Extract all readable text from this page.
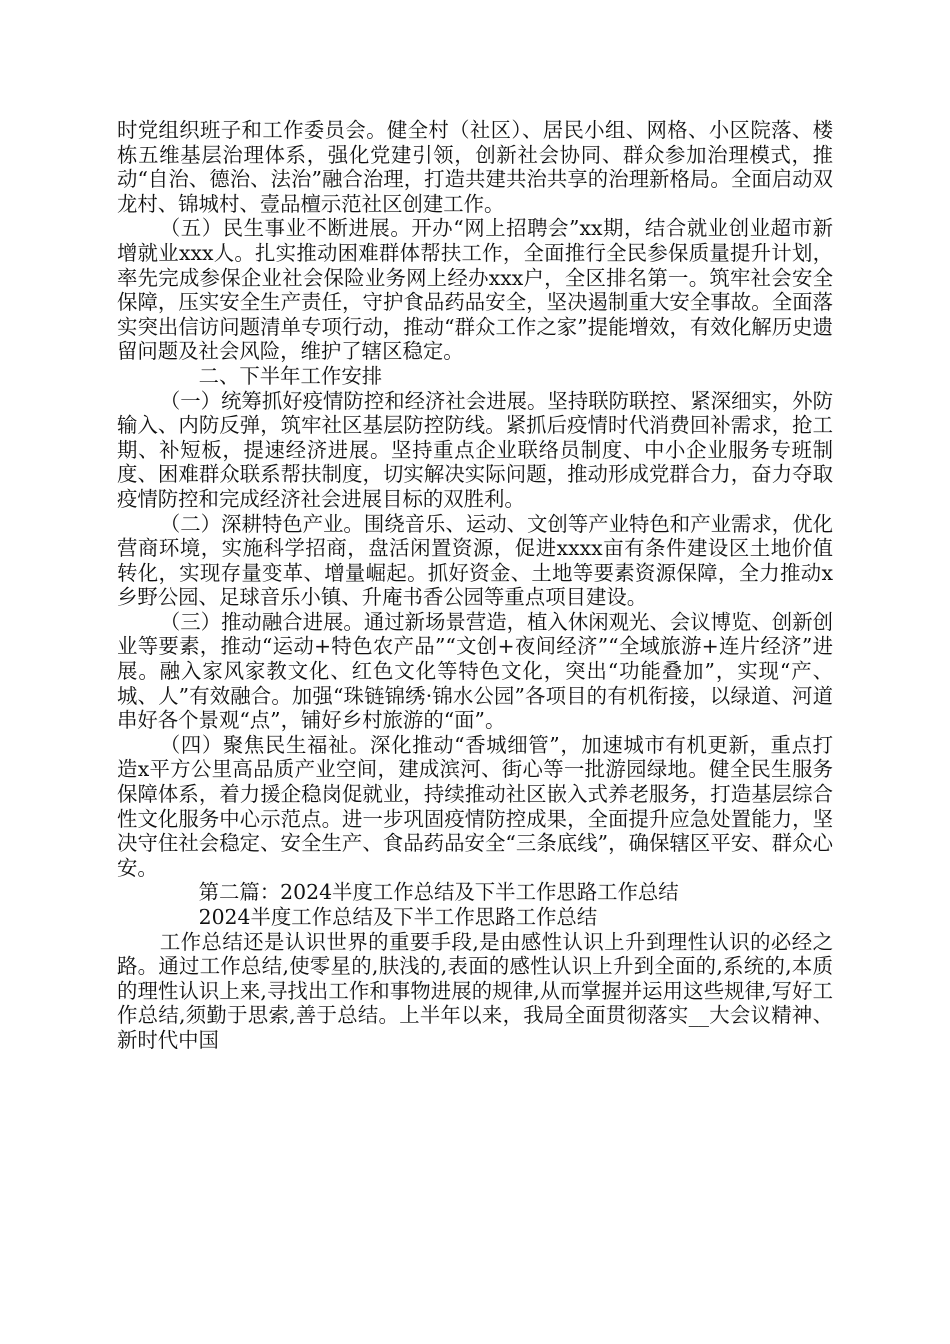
时党组织班子和工作委员会。健全村（社区）、居民小组、网格、小区院落、楼栋五维基层治理体系，强化党建引领，创新社会协同、群众参加治理模式，推动“自治、德治、法治”融合治理，打造共建共治共享的治理新格局。全面启动双龙村、锦城村、壹品檀示范社区创建工作。

（五）民生事业不断进展。开办“网上招聘会”xx期，结合就业创业超市新增就业xxx人。扎实推动困难群体帮扶工作，全面推行全民参保质量提升计划，率先完成参保企业社会保险业务网上经办xxx户，全区排名第一。筑牢社会安全保障，压实安全生产责任，守护食品药品安全，坚决遏制重大安全事故。全面落实突出信访问题清单专项行动，推动“群众工作之家”提能增效，有效化解历史遗留问题及社会风险，维护了辖区稳定。

二、下半年工作安排

（一）统筹抓好疫情防控和经济社会进展。坚持联防联控、紧深细实，外防输入、内防反弹，筑牢社区基层防控防线。紧抓后疫情时代消费回补需求，抢工期、补短板，提速经济进展。坚持重点企业联络员制度、中小企业服务专班制度、困难群众联系帮扶制度，切实解决实际问题，推动形成党群合力，奋力夺取疫情防控和完成经济社会进展目标的双胜利。

（二）深耕特色产业。围绕音乐、运动、文创等产业特色和产业需求，优化营商环境，实施科学招商，盘活闲置资源，促进xxxx亩有条件建设区土地价值转化，实现存量变革、增量崛起。抓好资金、土地等要素资源保障，全力推动x乡野公园、足球音乐小镇、升庵书香公园等重点项目建设。

（三）推动融合进展。通过新场景营造，植入休闲观光、会议博览、创新创业等要素，推动“运动+特色农产品”“文创+夜间经济”“全域旅游+连片经济”进展。融入家风家教文化、红色文化等特色文化，突出“功能叠加”，实现“产、城、人”有效融合。加强“珠链锦绣·锦水公园”各项目的有机衔接，以绿道、河道串好各个景观“点”，铺好乡村旅游的“面”。

（四）聚焦民生福祉。深化推动“香城细管”，加速城市有机更新，重点打造x平方公里高品质产业空间，建成滨河、街心等一批游园绿地。健全民生服务保障体系，着力援企稳岗促就业，持续推动社区嵌入式养老服务，打造基层综合性文化服务中心示范点。进一步巩固疫情防控成果，全面提升应急处置能力，坚决守住社会稳定、安全生产、食品药品安全“三条底线”，确保辖区平安、群众心安。

第二篇：2024半度工作总结及下半工作思路工作总结

2024半度工作总结及下半工作思路工作总结

工作总结还是认识世界的重要手段,是由感性认识上升到理性认识的必经之路。通过工作总结,使零星的,肤浅的,表面的感性认识上升到全面的,系统的,本质的理性认识上来,寻找出工作和事物进展的规律,从而掌握并运用这些规律,写好工作总结,须勤于思索,善于总结。上半年以来，我局全面贯彻落实__大会议精神、新时代中国
